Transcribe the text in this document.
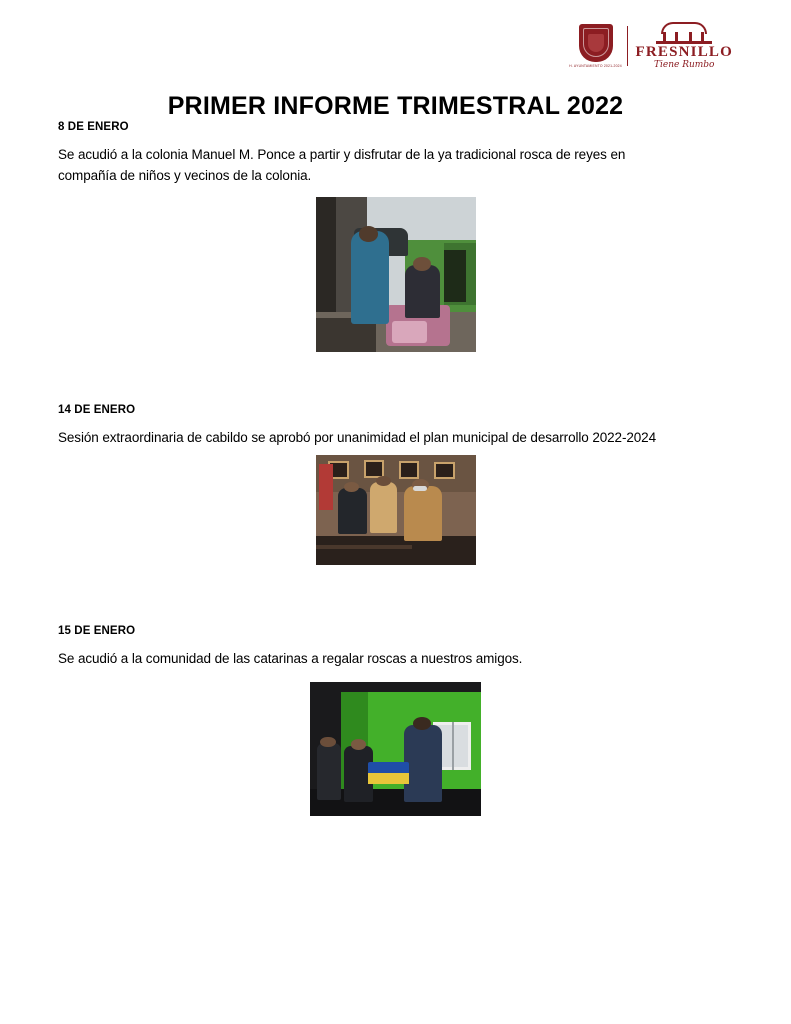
H. AYUNTAMIENTO 2021-2024
FRESNILLO
Tiene Rumbo
PRIMER INFORME TRIMESTRAL 2022

8 DE ENERO

Se acudió a la colonia Manuel M. Ponce a partir y disfrutar de la ya tradicional rosca de reyes en compañía de niños y vecinos de la colonia.

14 DE ENERO

Sesión extraordinaria de cabildo se aprobó por unanimidad el plan municipal de desarrollo 2022-2024

15 DE ENERO

Se acudió a la comunidad de las catarinas a regalar roscas a nuestros amigos.
